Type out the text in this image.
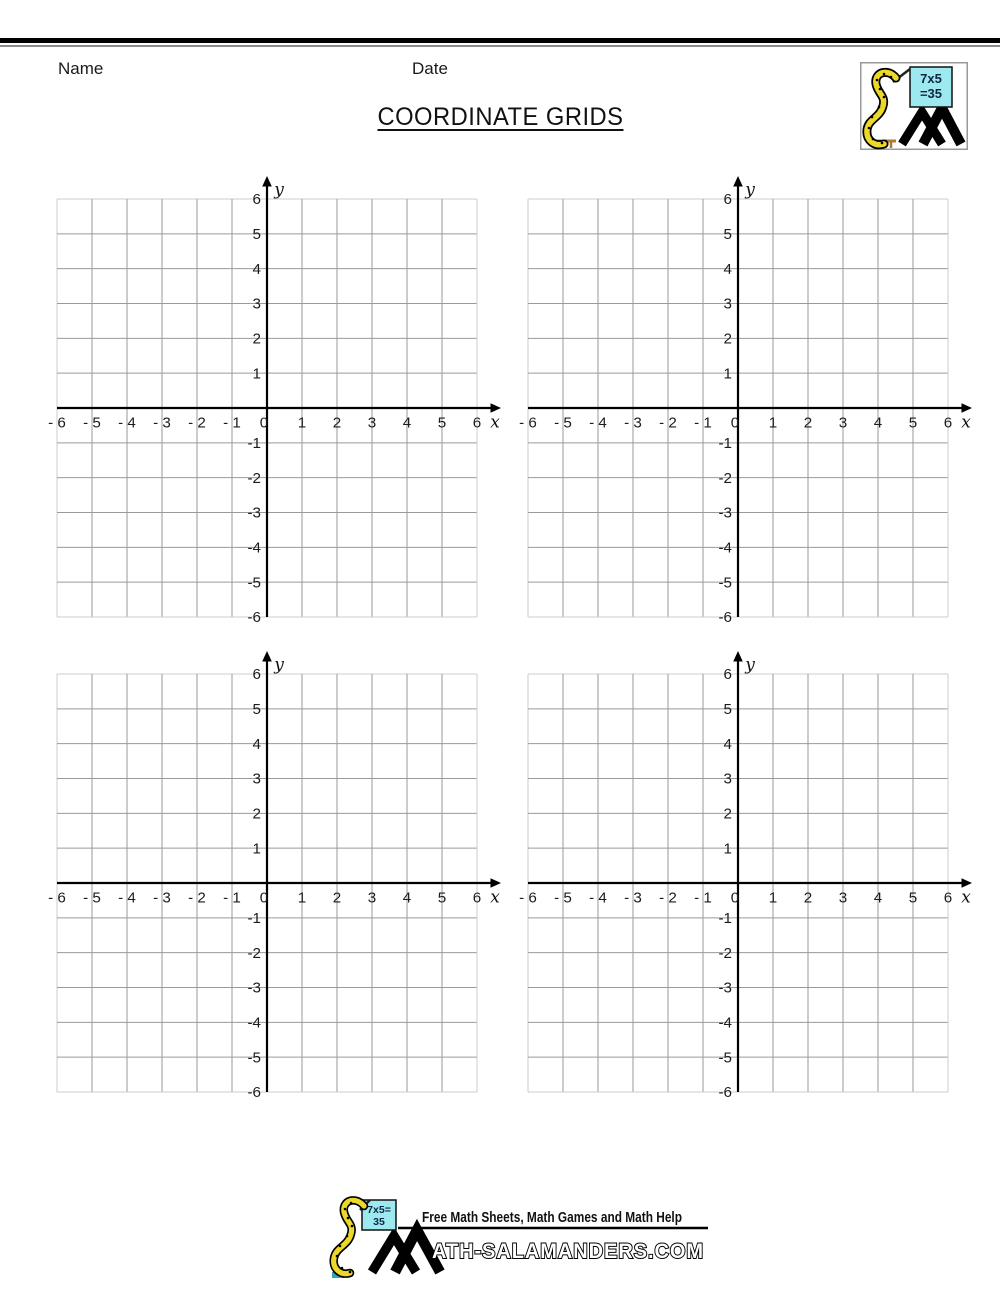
Name	Date
7x5
=35
COORDINATE GRIDS
- 6 - 5 - 4 - 3 - 2 - 1 0 1 2 3 4 5 6
6
5
4
3
2
1
-1
-2
-3
-4
-5
-6
x
y
- 6 - 5 - 4 - 3 - 2 - 1 0 1 2 3 4 5 6
6
5
4
3
2
1
-1
-2
-3
-4
-5
-6
x
y
- 6 - 5 - 4 - 3 - 2 - 1 0 1 2 3 4 5 6
6
5
4
3
2
1
-1
-2
-3
-4
-5
-6
x
y
- 6 - 5 - 4 - 3 - 2 - 1 0 1 2 3 4 5 6
6
5
4
3
2
1
-1
-2
-3
-4
-5
-6
x
y
Free Math Sheets, Math Games and Math Help
ATH-SALAMANDERS.COM
7x5=
35
